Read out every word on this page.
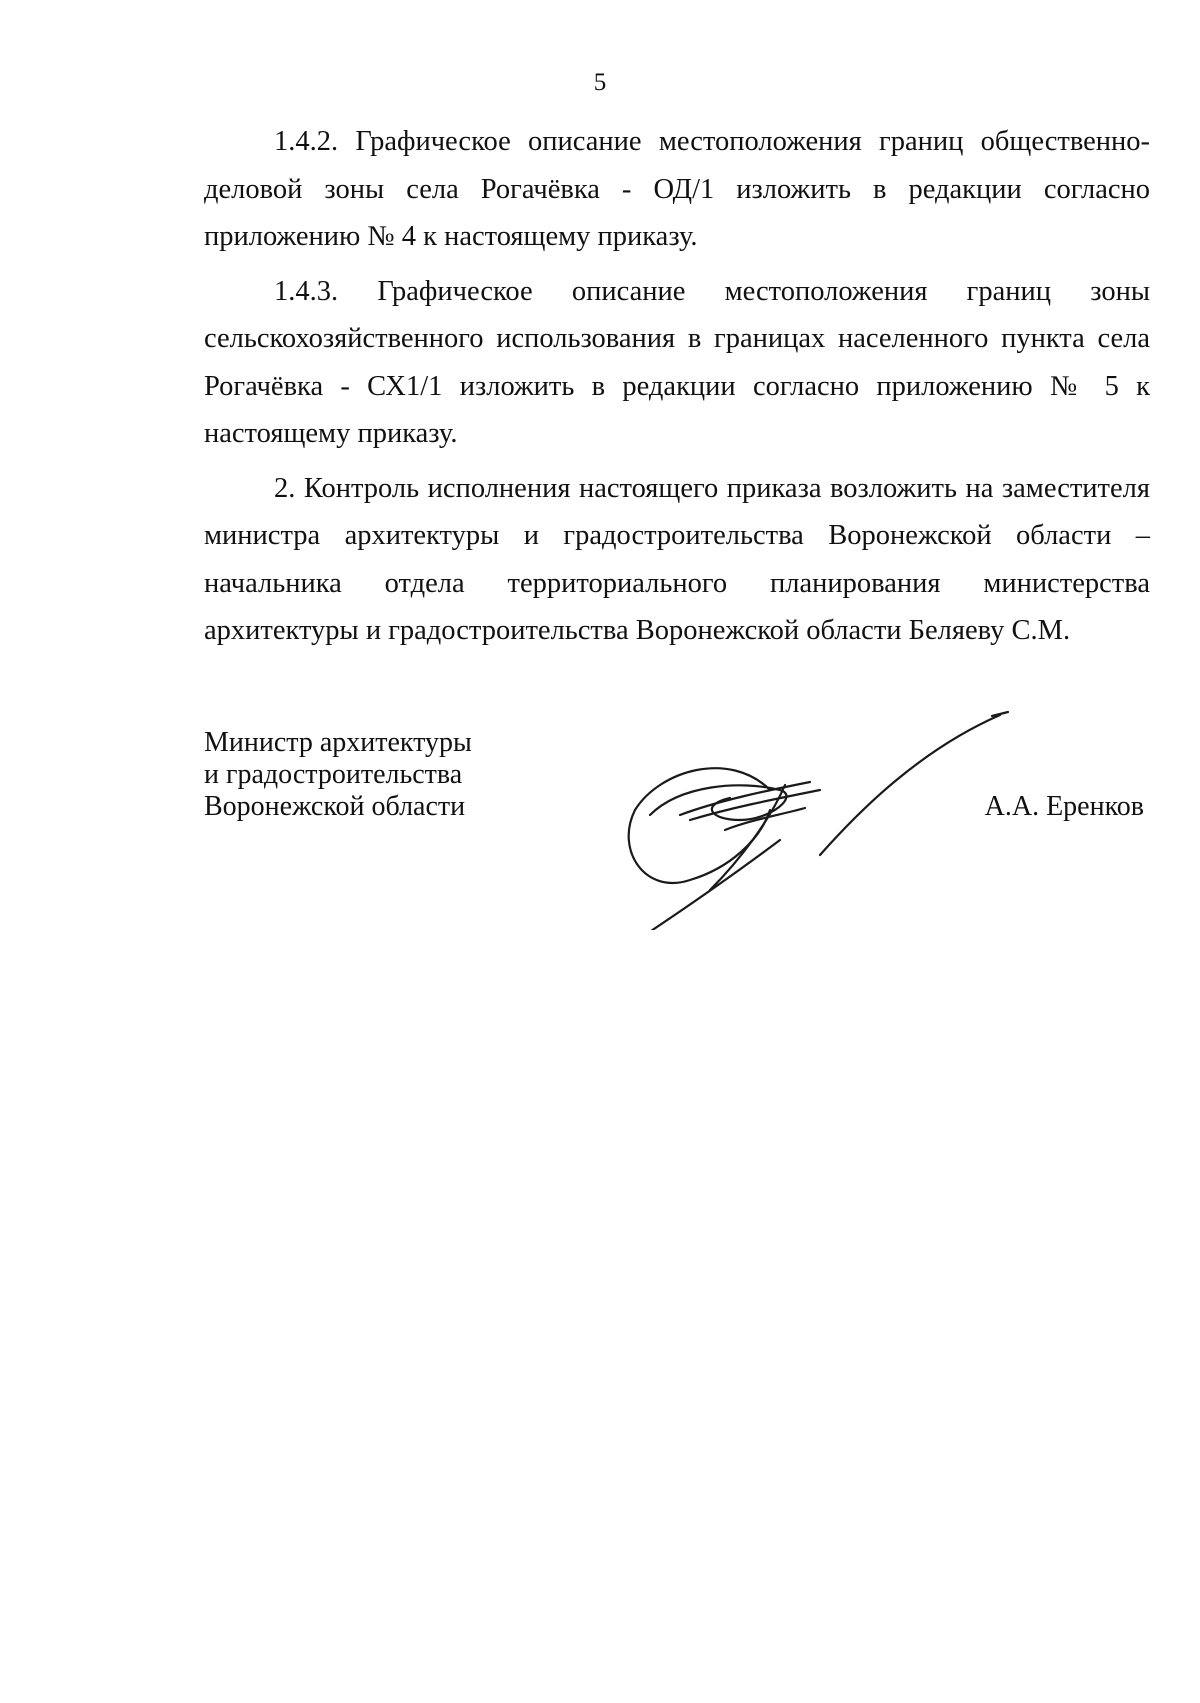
5

1.4.2. Графическое описание местоположения границ общественно-деловой зоны села Рогачёвка - ОД/1 изложить в редакции согласно приложению № 4 к настоящему приказу.

1.4.3. Графическое описание местоположения границ зоны сельскохозяйственного использования в границах населенного пункта села Рогачёвка - СХ1/1 изложить в редакции согласно приложению № 5 к настоящему приказу.

2. Контроль исполнения настоящего приказа возложить на заместителя министра архитектуры и градостроительства Воронежской области – начальника отдела территориального планирования министерства архитектуры и градостроительства Воронежской области Беляеву С.М.

Министр архитектуры
и градостроительства
Воронежской области	А.А. Еренков
